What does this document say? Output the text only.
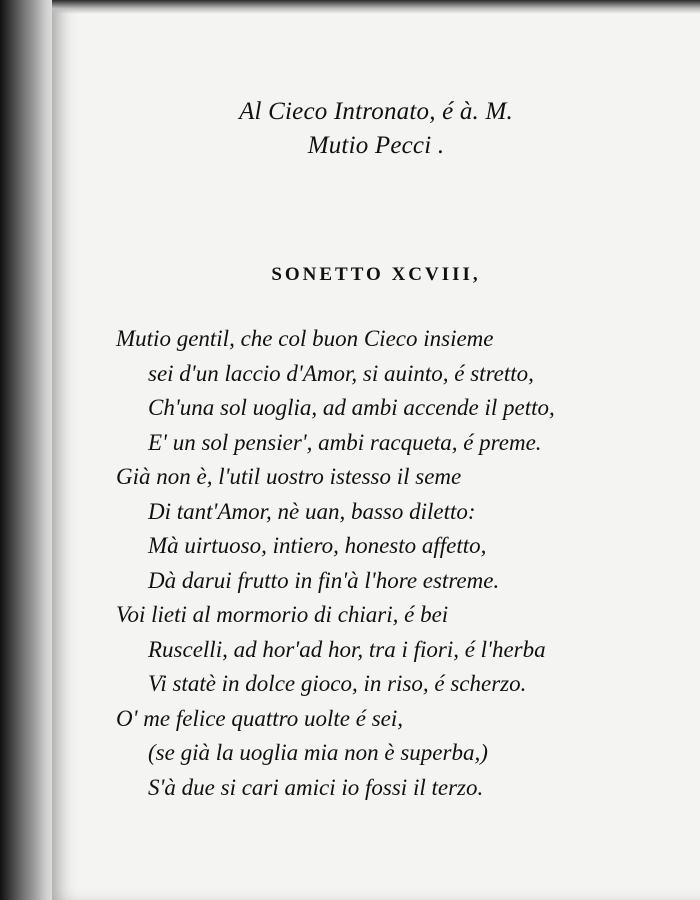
Al Cieco Intronato, é à. M.
Mutio Pecci .
SONETTO XCVIII,
Mutio gentil, che col buon Cieco insieme
sei d'un laccio d'Amor, si auinto, é stretto,
Ch'una sol uoglia, ad ambi accende il petto,
E' un sol pensier', ambi racqueta, é preme.
Già non è, l'util uostro istesso il seme
Di tant'Amor, nè uan, basso diletto:
Mà uirtuoso, intiero, honesto affetto,
Dà darui frutto in fin'à l'hore estreme.
Voi lieti al mormorio di chiari, é bei
Ruscelli, ad hor'ad hor, tra i fiori, é l'herba
Vi statè in dolce gioco, in riso, é scherzo.
O' me felice quattro uolte é sei,
(se già la uoglia mia non è superba,)
S'à due si cari amici io fossi il terzo.
